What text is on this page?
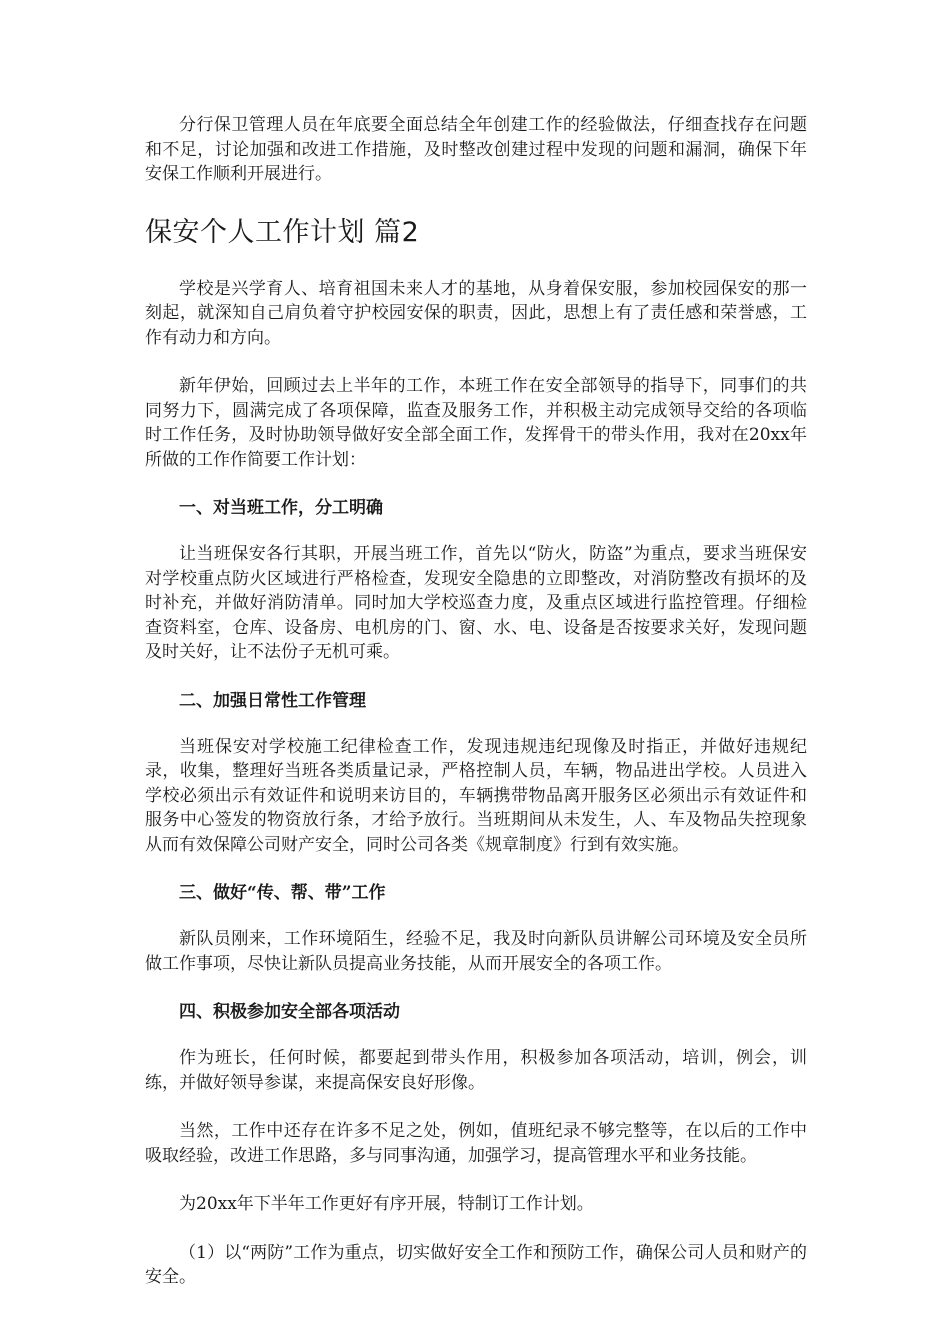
分行保卫管理人员在年底要全面总结全年创建工作的经验做法，仔细查找存在问题和不足，讨论加强和改进工作措施，及时整改创建过程中发现的问题和漏洞，确保下年安保工作顺利开展进行。

保安个人工作计划 篇2

学校是兴学育人、培育祖国未来人才的基地，从身着保安服，参加校园保安的那一刻起，就深知自己肩负着守护校园安保的职责，因此，思想上有了责任感和荣誉感，工作有动力和方向。

新年伊始，回顾过去上半年的工作，本班工作在安全部领导的指导下，同事们的共同努力下，圆满完成了各项保障，监查及服务工作，并积极主动完成领导交给的各项临时工作任务，及时协助领导做好安全部全面工作，发挥骨干的带头作用，我对在20xx年所做的工作作简要工作计划：

一、对当班工作，分工明确

让当班保安各行其职，开展当班工作，首先以“防火，防盗”为重点，要求当班保安对学校重点防火区域进行严格检查，发现安全隐患的立即整改，对消防整改有损坏的及时补充，并做好消防清单。同时加大学校巡查力度，及重点区域进行监控管理。仔细检查资料室，仓库、设备房、电机房的门、窗、水、电、设备是否按要求关好，发现问题及时关好，让不法份子无机可乘。

二、加强日常性工作管理

当班保安对学校施工纪律检查工作，发现违规违纪现像及时指正，并做好违规纪录，收集，整理好当班各类质量记录，严格控制人员，车辆，物品进出学校。人员进入学校必须出示有效证件和说明来访目的，车辆携带物品离开服务区必须出示有效证件和服务中心签发的物资放行条，才给予放行。当班期间从未发生，人、车及物品失控现象从而有效保障公司财产安全，同时公司各类《规章制度》行到有效实施。

三、做好“传、帮、带”工作

新队员刚来，工作环境陌生，经验不足，我及时向新队员讲解公司环境及安全员所做工作事项，尽快让新队员提高业务技能，从而开展安全的各项工作。

四、积极参加安全部各项活动

作为班长，任何时候，都要起到带头作用，积极参加各项活动，培训，例会，训练，并做好领导参谋，来提高保安良好形像。

当然，工作中还存在许多不足之处，例如，值班纪录不够完整等，在以后的工作中吸取经验，改进工作思路，多与同事沟通，加强学习，提高管理水平和业务技能。

为20xx年下半年工作更好有序开展，特制订工作计划。

（1）以“两防”工作为重点，切实做好安全工作和预防工作，确保公司人员和财产的安全。
